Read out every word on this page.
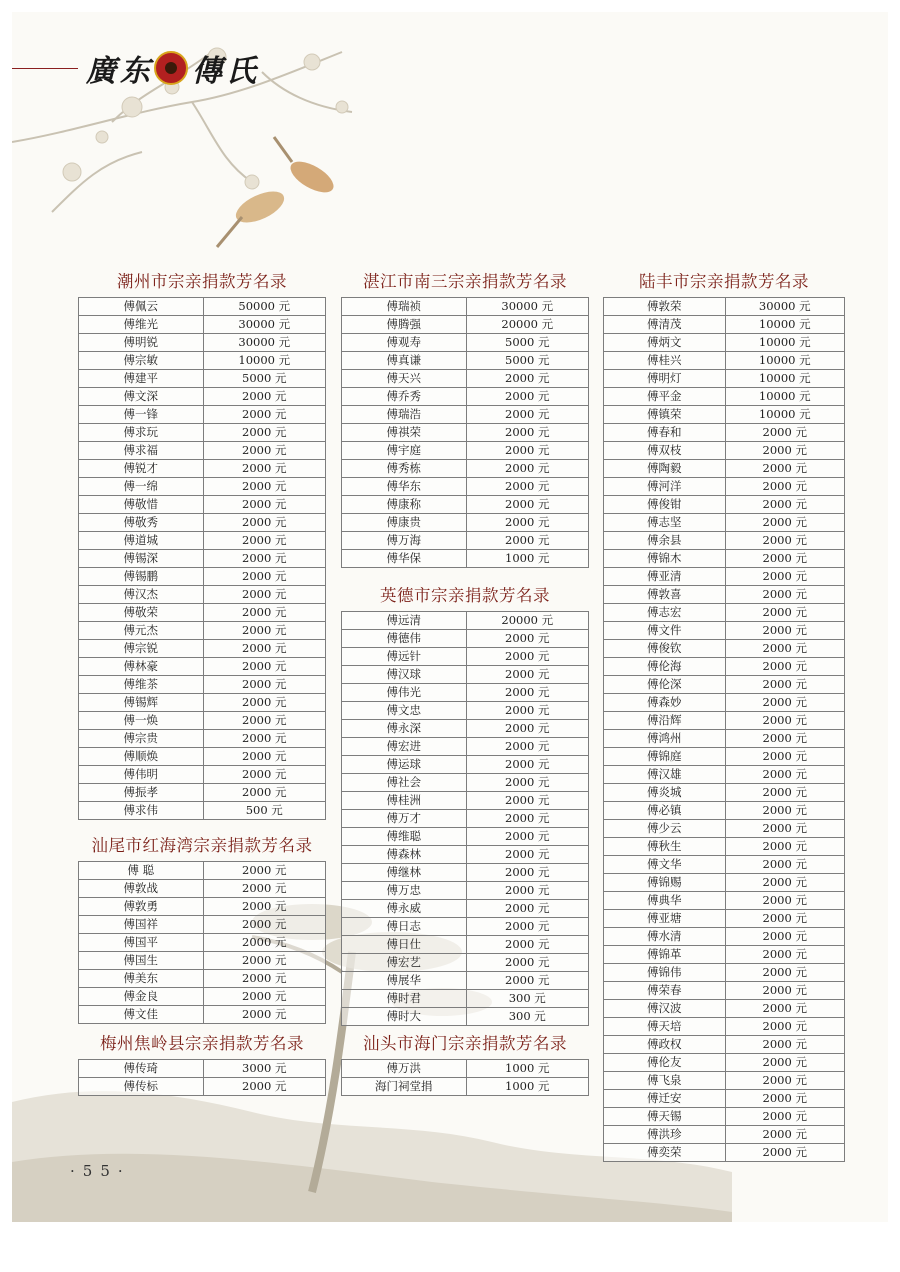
廣 东 傳 氏
潮州市宗亲捐款芳名录
傅佩云	50000 元
傅维光	30000 元
傅明锐	30000 元
傅宗敏	10000 元
傅建平	5000 元
傅文深	2000 元
傅一锋	2000 元
傅求玩	2000 元
傅求福	2000 元
傅锐才	2000 元
傅一绵	2000 元
傅敬惜	2000 元
傅敬秀	2000 元
傅道城	2000 元
傅锡深	2000 元
傅锡鹏	2000 元
傅汉杰	2000 元
傅敬荣	2000 元
傅元杰	2000 元
傅宗锐	2000 元
傅林豪	2000 元
傅维茶	2000 元
傅锡辉	2000 元
傅一焕	2000 元
傅宗贵	2000 元
傅顺焕	2000 元
傅伟明	2000 元
傅振孝	2000 元
傅求伟	500 元
汕尾市红海湾宗亲捐款芳名录
傅 聪	2000 元
傅敦战	2000 元
傅敦勇	2000 元
傅国祥	2000 元
傅国平	2000 元
傅国生	2000 元
傅美东	2000 元
傅金良	2000 元
傅文佳	2000 元
梅州焦岭县宗亲捐款芳名录
傅传琦	3000 元
傅传标	2000 元
湛江市南三宗亲捐款芳名录
傅瑞祯	30000 元
傅腾强	20000 元
傅观寿	5000 元
傅真谦	5000 元
傅天兴	2000 元
傅乔秀	2000 元
傅瑞浩	2000 元
傅祺荣	2000 元
傅宇庭	2000 元
傅秀栋	2000 元
傅华东	2000 元
傅康称	2000 元
傅康贵	2000 元
傅万海	2000 元
傅华保	1000 元
英德市宗亲捐款芳名录
傅远清	20000 元
傅德伟	2000 元
傅远针	2000 元
傅汉球	2000 元
傅伟光	2000 元
傅文忠	2000 元
傅永深	2000 元
傅宏进	2000 元
傅运球	2000 元
傅社会	2000 元
傅桂洲	2000 元
傅万才	2000 元
傅维聪	2000 元
傅森林	2000 元
傅继林	2000 元
傅万忠	2000 元
傅永威	2000 元
傅日志	2000 元
傅日仕	2000 元
傅宏艺	2000 元
傅展华	2000 元
傅时君	300 元
傅时大	300 元
汕头市海门宗亲捐款芳名录
傅万洪	1000 元
海门祠堂捐	1000 元
陆丰市宗亲捐款芳名录
傅敦荣	30000 元
傅清茂	10000 元
傅炳文	10000 元
傅桂兴	10000 元
傅明灯	10000 元
傅平金	10000 元
傅镇荣	10000 元
傅春和	2000 元
傅双枝	2000 元
傅陶毅	2000 元
傅河洋	2000 元
傅俊钳	2000 元
傅志坚	2000 元
傅余县	2000 元
傅锦木	2000 元
傅亚清	2000 元
傅敦喜	2000 元
傅志宏	2000 元
傅文件	2000 元
傅俊钦	2000 元
傅伦海	2000 元
傅伦深	2000 元
傅森妙	2000 元
傅沿辉	2000 元
傅鸿州	2000 元
傅锦庭	2000 元
傅汉雄	2000 元
傅炎城	2000 元
傅必镇	2000 元
傅少云	2000 元
傅秋生	2000 元
傅文华	2000 元
傅锦赐	2000 元
傅典华	2000 元
傅亚塘	2000 元
傅水清	2000 元
傅锦革	2000 元
傅锦伟	2000 元
傅荣春	2000 元
傅汉波	2000 元
傅天培	2000 元
傅政权	2000 元
傅伦友	2000 元
傅飞泉	2000 元
傅迁安	2000 元
傅天锡	2000 元
傅洪珍	2000 元
傅奕荣	2000 元
·55·
